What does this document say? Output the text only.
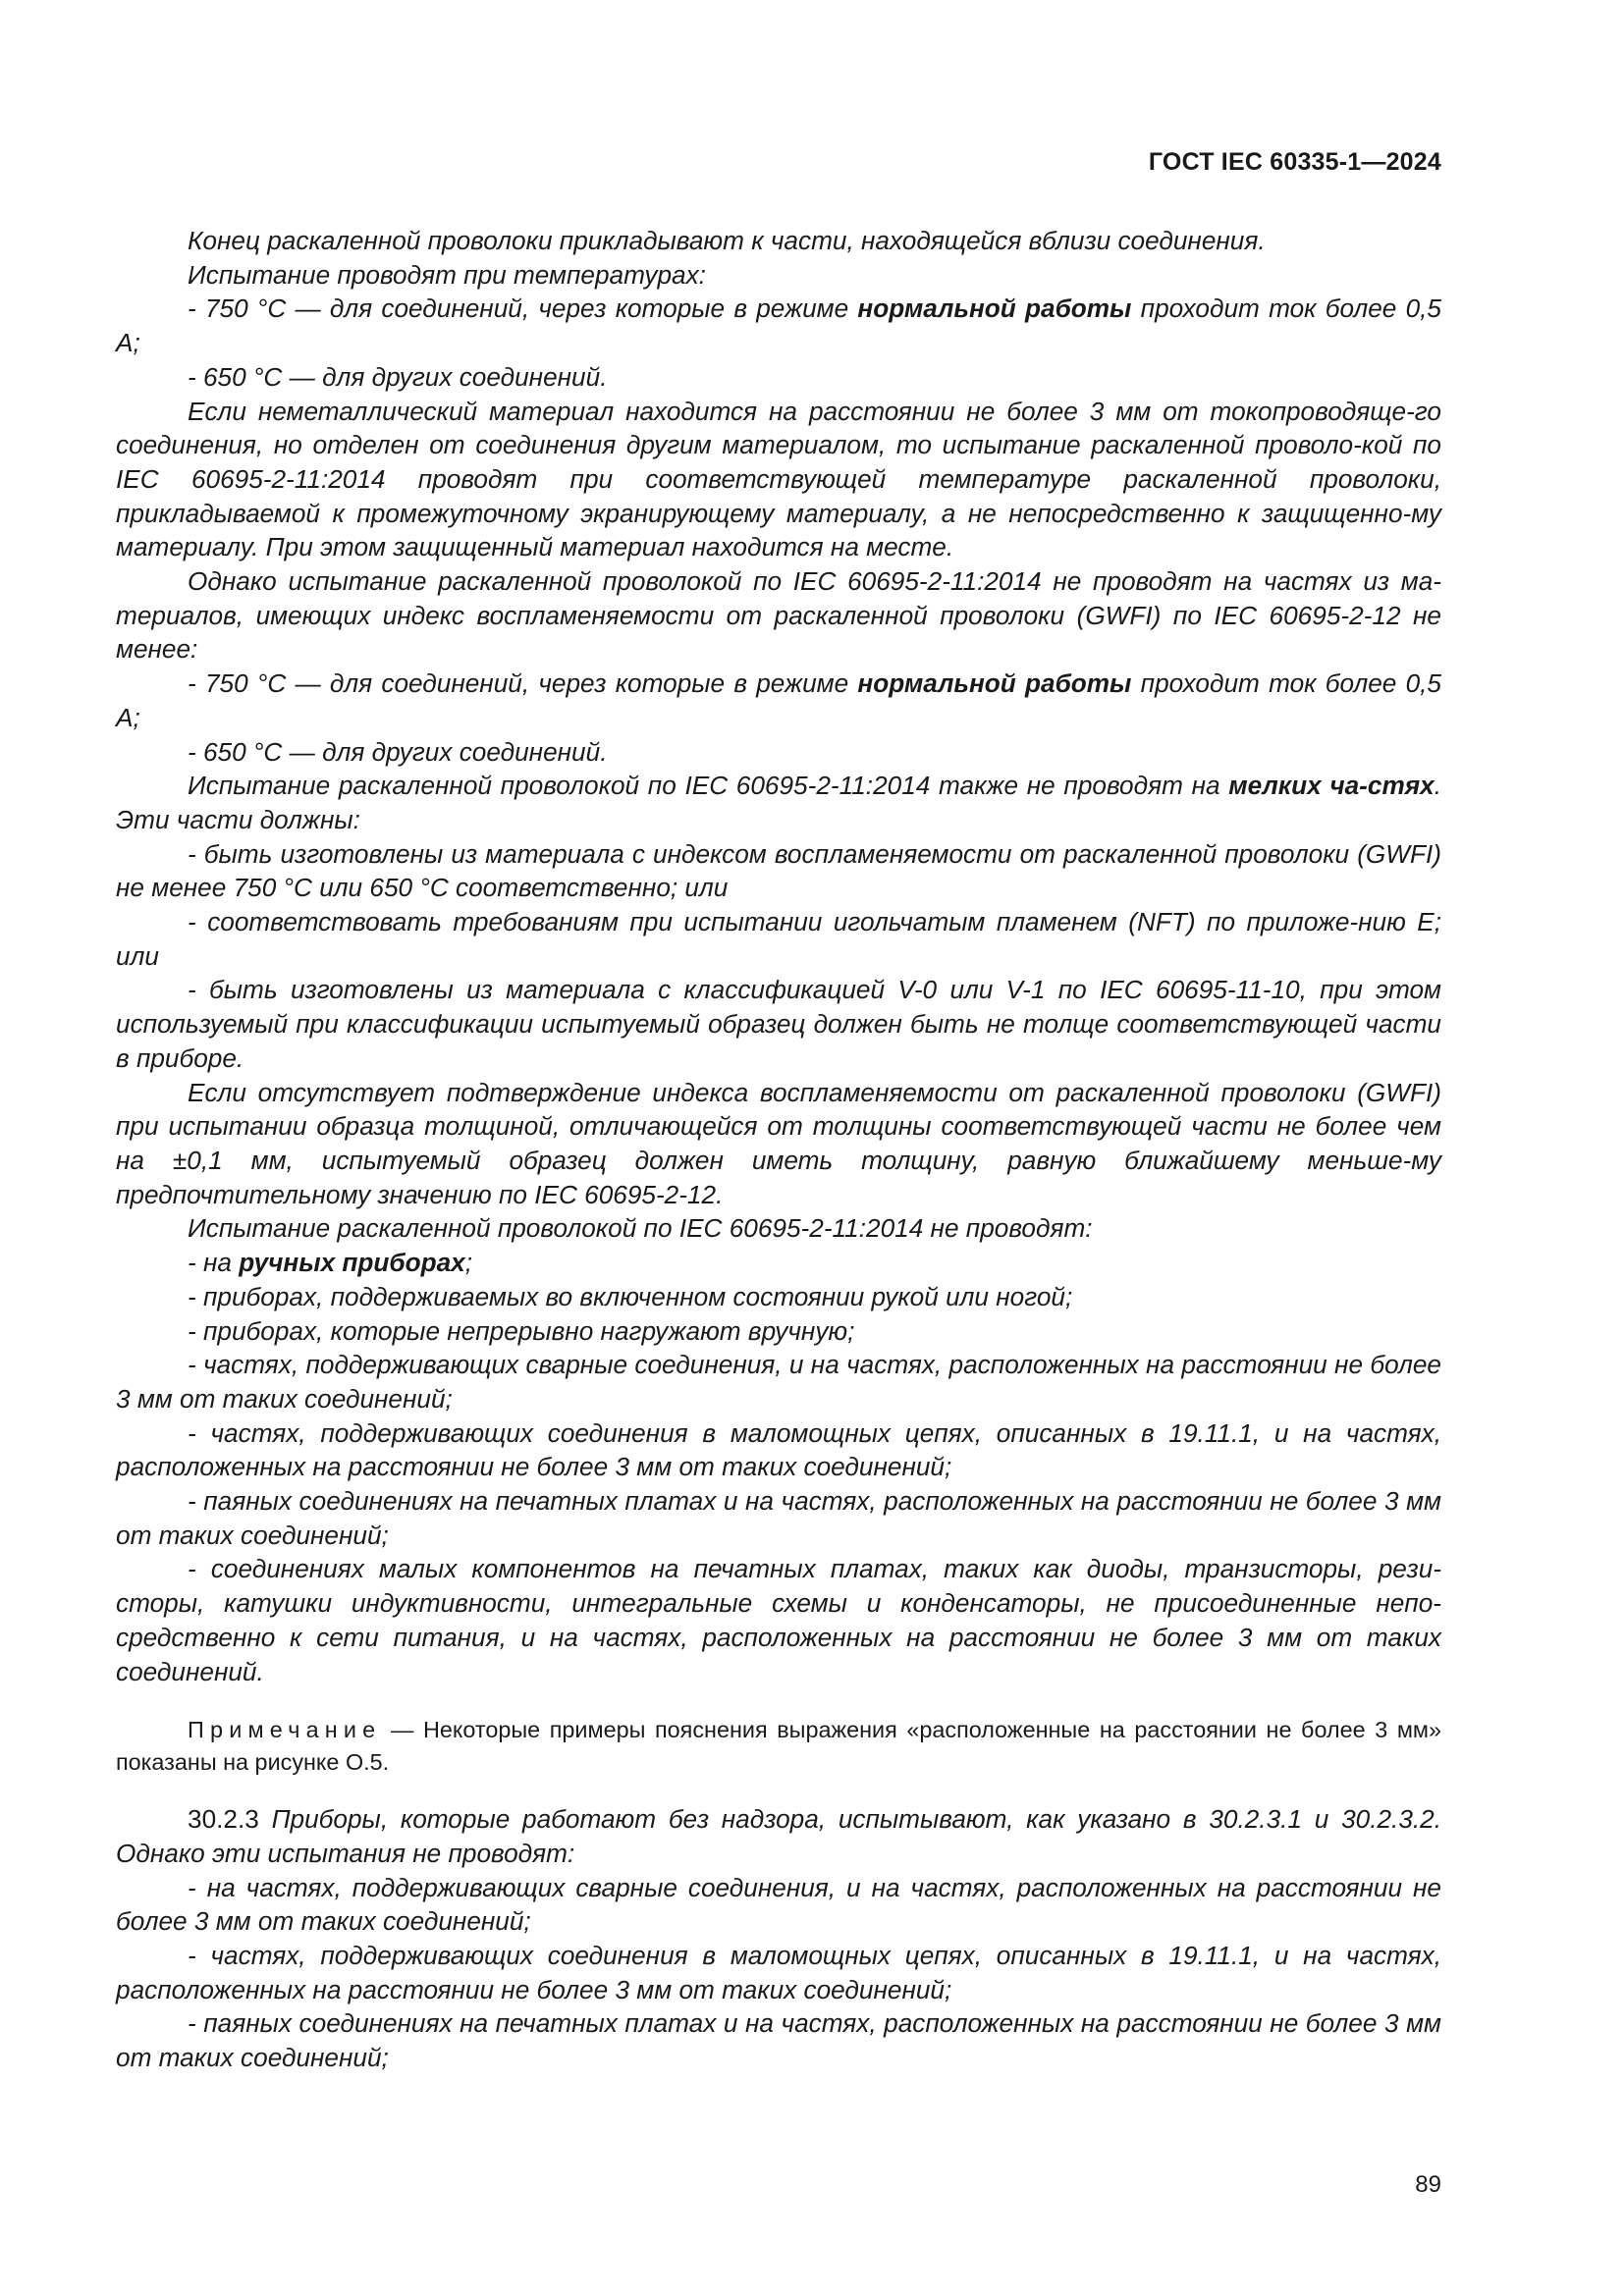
ГОСТ IEC 60335-1—2024

Конец раскаленной проволоки прикладывают к части, находящейся вблизи соединения.

Испытание проводят при температурах:

- 750 °C — для соединений, через которые в режиме нормальной работы проходит ток более 0,5 А;

- 650 °C — для других соединений.

Если неметаллический материал находится на расстоянии не более 3 мм от токопроводяще-го соединения, но отделен от соединения другим материалом, то испытание раскаленной проволо-кой по IEC 60695-2-11:2014 проводят при соответствующей температуре раскаленной проволоки, прикладываемой к промежуточному экранирующему материалу, а не непосредственно к защищенно-му материалу. При этом защищенный материал находится на месте.

Однако испытание раскаленной проволокой по IEC 60695-2-11:2014 не проводят на частях из ма-териалов, имеющих индекс воспламеняемости от раскаленной проволоки (GWFI) по IEC 60695-2-12 не менее:

- 750 °C — для соединений, через которые в режиме нормальной работы проходит ток более 0,5 А;

- 650 °C — для других соединений.

Испытание раскаленной проволокой по IEC 60695-2-11:2014 также не проводят на мелких ча-стях. Эти части должны:

- быть изготовлены из материала с индексом воспламеняемости от раскаленной проволоки (GWFI) не менее 750 °C или 650 °C соответственно; или

- соответствовать требованиям при испытании игольчатым пламенем (NFT) по приложе-нию E; или

- быть изготовлены из материала с классификацией V-0 или V-1 по IEC 60695-11-10, при этом используемый при классификации испытуемый образец должен быть не толще соответствующей части в приборе.

Если отсутствует подтверждение индекса воспламеняемости от раскаленной проволоки (GWFI) при испытании образца толщиной, отличающейся от толщины соответствующей части не более чем на ±0,1 мм, испытуемый образец должен иметь толщину, равную ближайшему меньше-му предпочтительному значению по IEC 60695-2-12.

Испытание раскаленной проволокой по IEC 60695-2-11:2014 не проводят:

- на ручных приборах;

- приборах, поддерживаемых во включенном состоянии рукой или ногой;

- приборах, которые непрерывно нагружают вручную;

- частях, поддерживающих сварные соединения, и на частях, расположенных на расстоянии не более 3 мм от таких соединений;

- частях, поддерживающих соединения в маломощных цепях, описанных в 19.11.1, и на частях, расположенных на расстоянии не более 3 мм от таких соединений;

- паяных соединениях на печатных платах и на частях, расположенных на расстоянии не более 3 мм от таких соединений;

- соединениях малых компонентов на печатных платах, таких как диоды, транзисторы, рези-сторы, катушки индуктивности, интегральные схемы и конденсаторы, не присоединенные непо-средственно к сети питания, и на частях, расположенных на расстоянии не более 3 мм от таких соединений.

Примечание — Некоторые примеры пояснения выражения «расположенные на расстоянии не более 3 мм» показаны на рисунке О.5.

30.2.3 Приборы, которые работают без надзора, испытывают, как указано в 30.2.3.1 и 30.2.3.2. Однако эти испытания не проводят:

- на частях, поддерживающих сварные соединения, и на частях, расположенных на расстоянии не более 3 мм от таких соединений;

- частях, поддерживающих соединения в маломощных цепях, описанных в 19.11.1, и на частях, расположенных на расстоянии не более 3 мм от таких соединений;

- паяных соединениях на печатных платах и на частях, расположенных на расстоянии не более 3 мм от таких соединений;

89
